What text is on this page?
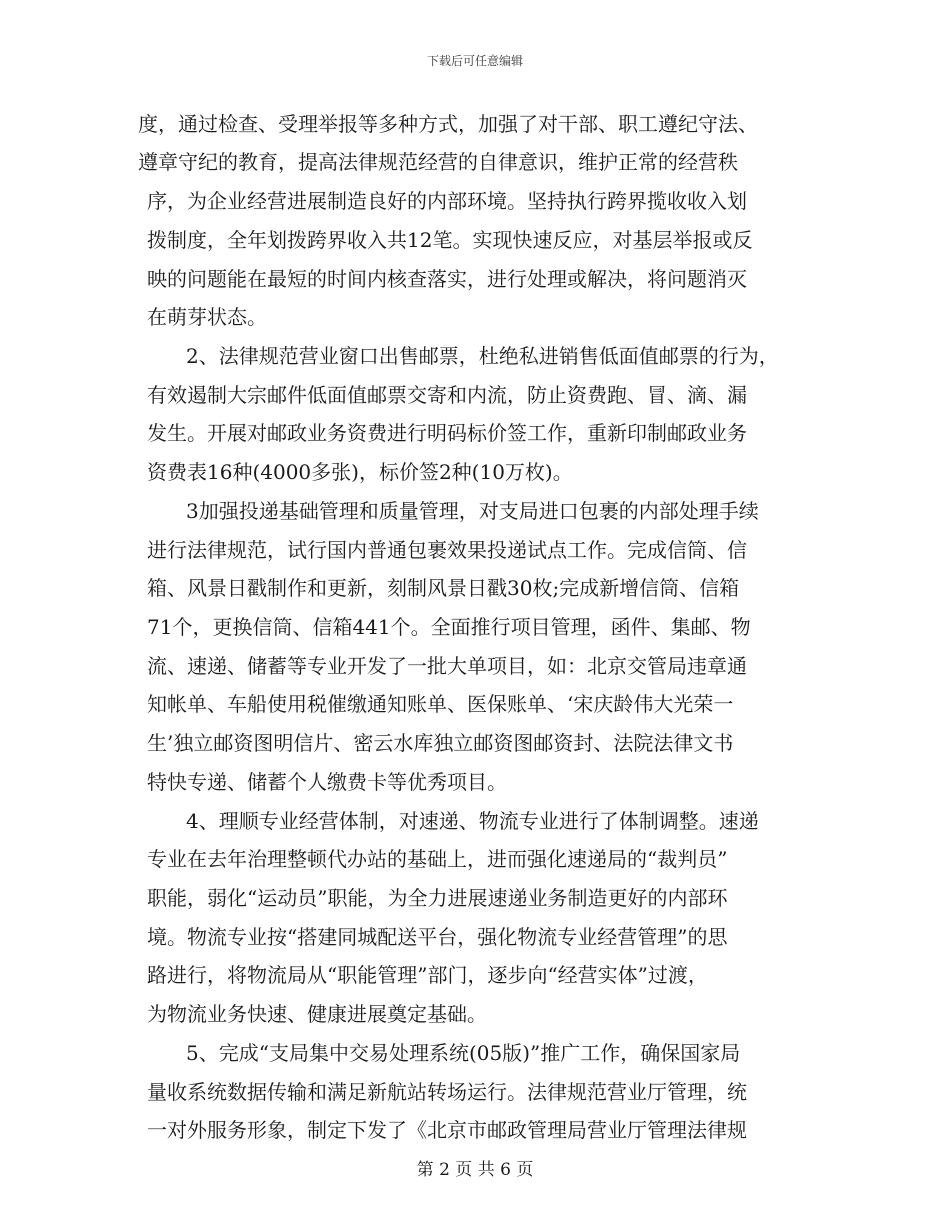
下载后可任意编辑
度，通过检查、受理举报等多种方式，加强了对干部、职工遵纪守法、
遵章守纪的教育，提高法律规范经营的自律意识，维护正常的经营秩
序，为企业经营进展制造良好的内部环境。坚持执行跨界揽收收入划
拨制度，全年划拨跨界收入共12笔。实现快速反应，对基层举报或反
映的问题能在最短的时间内核查落实，进行处理或解决，将问题消灭
在萌芽状态。
2、法律规范营业窗口出售邮票，杜绝私进销售低面值邮票的行为，
有效遏制大宗邮件低面值邮票交寄和内流，防止资费跑、冒、滴、漏
发生。开展对邮政业务资费进行明码标价签工作，重新印制邮政业务
资费表16种(4000多张)，标价签2种(10万枚)。
3加强投递基础管理和质量管理，对支局进口包裹的内部处理手续
进行法律规范，试行国内普通包裹效果投递试点工作。完成信筒、信
箱、风景日戳制作和更新，刻制风景日戳30枚;完成新增信筒、信箱
71个，更换信筒、信箱441个。全面推行项目管理，函件、集邮、物
流、速递、储蓄等专业开发了一批大单项目，如：北京交管局违章通
知帐单、车船使用税催缴通知账单、医保账单、‘宋庆龄伟大光荣一
生’独立邮资图明信片、密云水库独立邮资图邮资封、法院法律文书
特快专递、储蓄个人缴费卡等优秀项目。
4、理顺专业经营体制，对速递、物流专业进行了体制调整。速递
专业在去年治理整顿代办站的基础上，进而强化速递局的“裁判员”
职能，弱化“运动员”职能，为全力进展速递业务制造更好的内部环
境。物流专业按“搭建同城配送平台，强化物流专业经营管理”的思
路进行，将物流局从“职能管理”部门，逐步向“经营实体”过渡，
为物流业务快速、健康进展奠定基础。
5、完成“支局集中交易处理系统(05版)”推广工作，确保国家局
量收系统数据传输和满足新航站转场运行。法律规范营业厅管理，统
一对外服务形象，制定下发了《北京市邮政管理局营业厅管理法律规
第 2 页 共 6 页
